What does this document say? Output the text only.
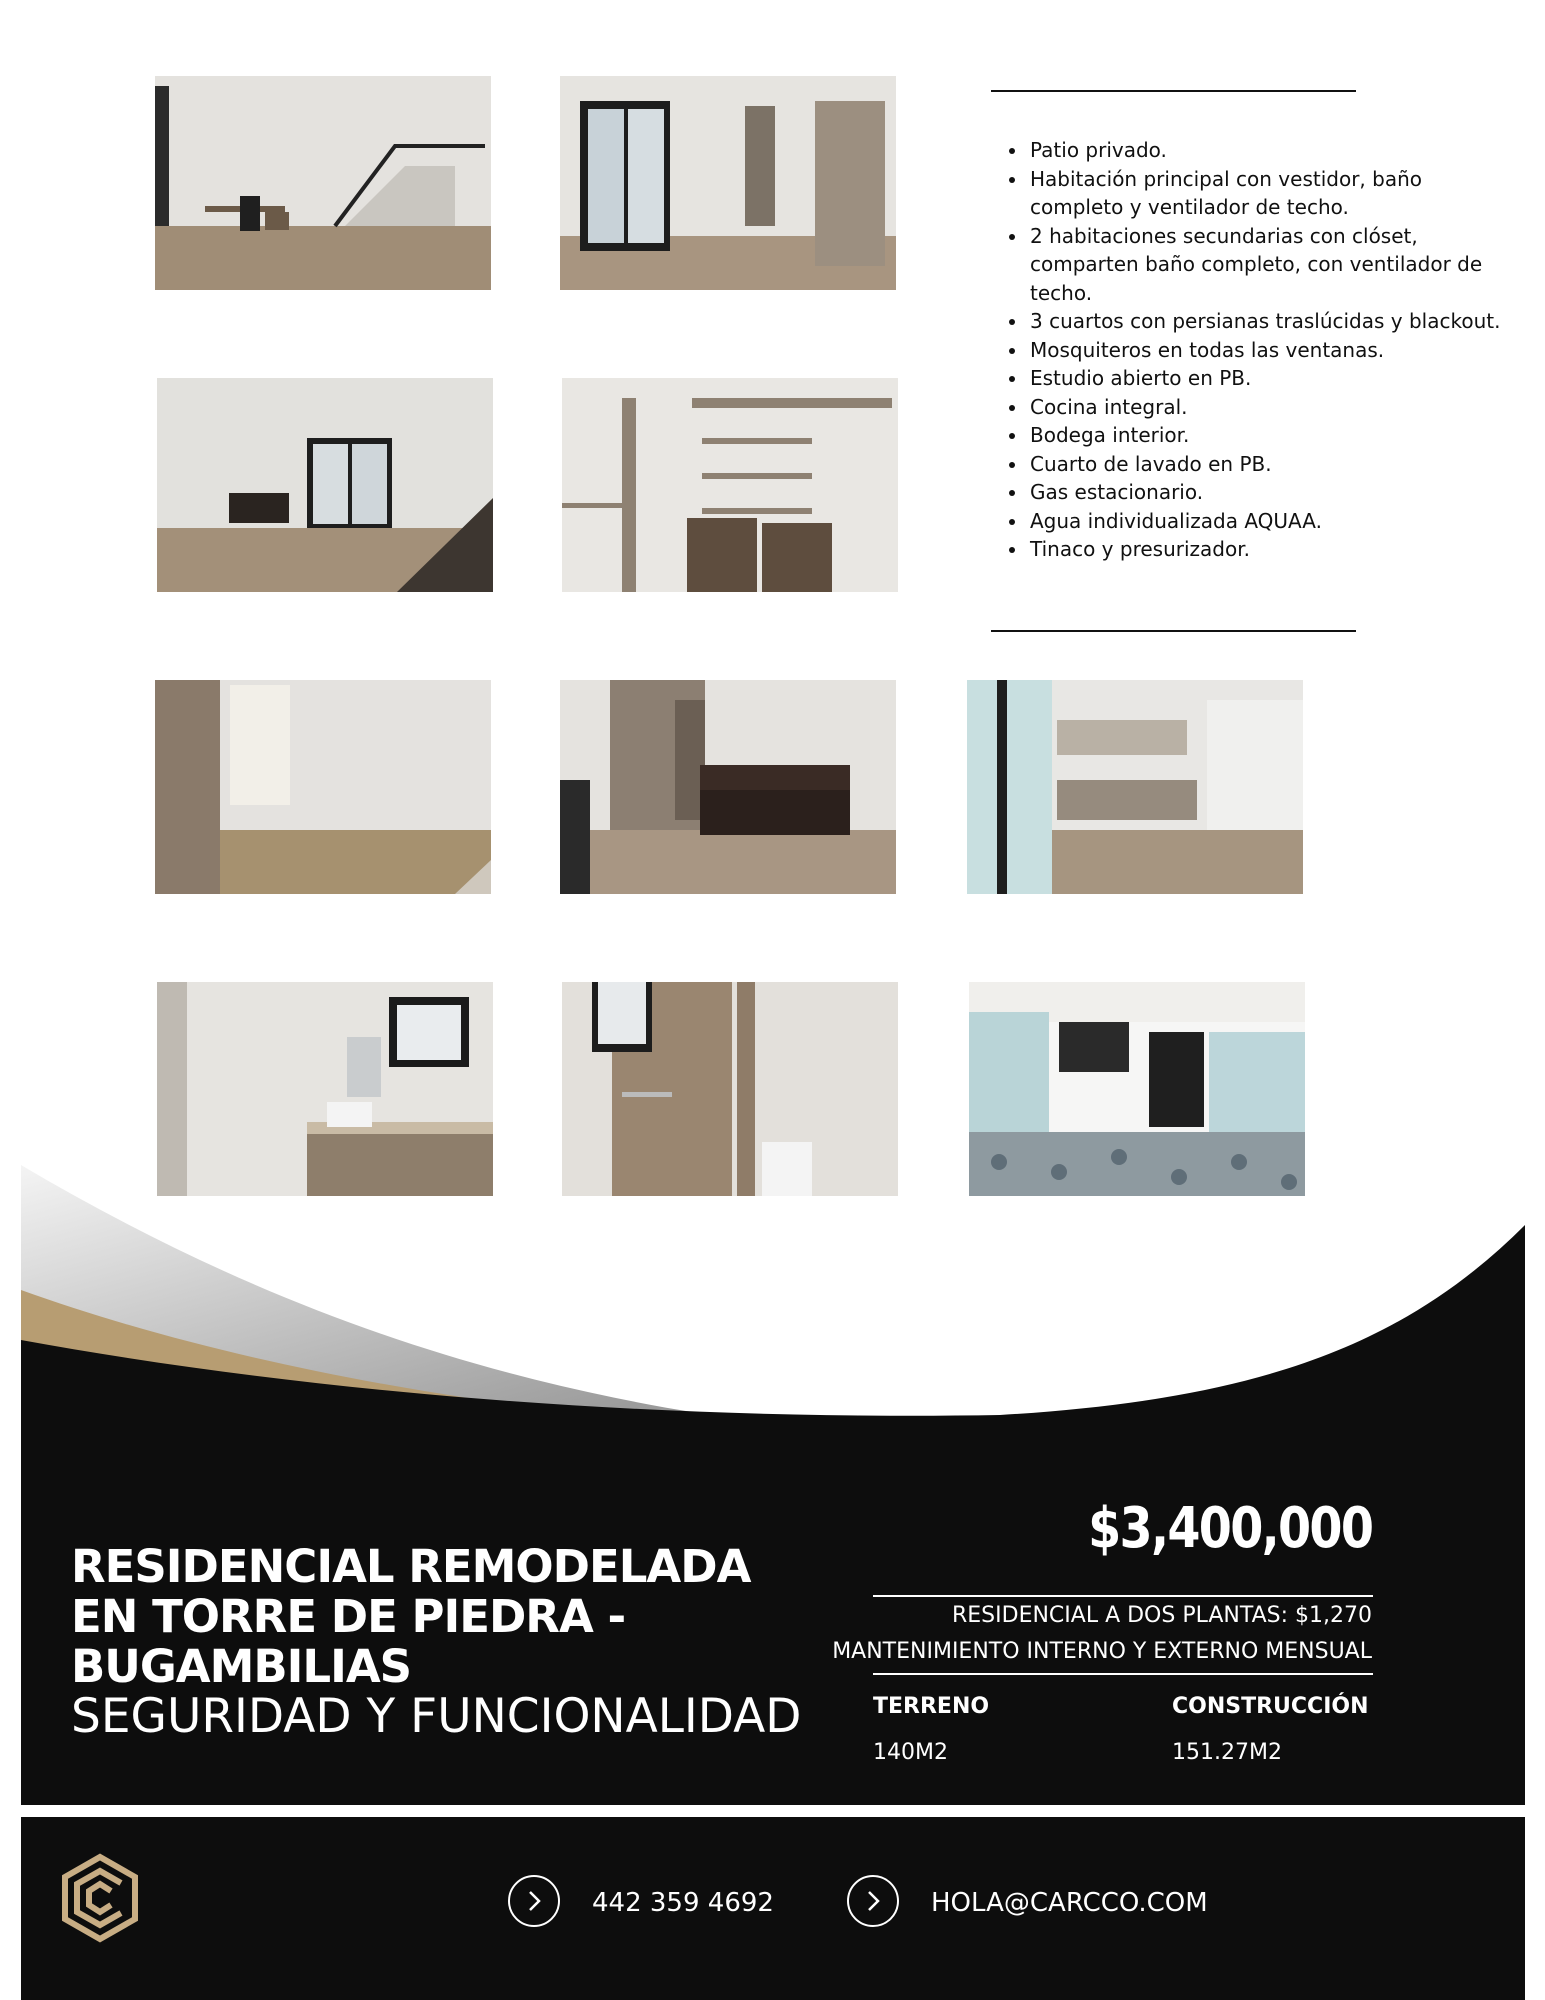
• Patio privado.
• Habitación principal con vestidor, baño completo y ventilador de techo.
• 2 habitaciones secundarias con clóset, comparten baño completo, con ventilador de techo.
• 3 cuartos con persianas traslúcidas y blackout.
• Mosquiteros en todas las ventanas.
• Estudio abierto en PB.
• Cocina integral.
• Bodega interior.
• Cuarto de lavado en PB.
• Gas estacionario.
• Agua individualizada AQUAA.
• Tinaco y presurizador.
RESIDENCIAL REMODELADA
EN TORRE DE PIEDRA -
BUGAMBILIAS
SEGURIDAD Y FUNCIONALIDAD
$3,400,000
RESIDENCIAL A DOS PLANTAS: $1,270
MANTENIMIENTO INTERNO Y EXTERNO MENSUAL
TERRENO
140M2
CONSTRUCCIÓN
151.27M2
442 359 4692	HOLA@CARCCO.COM
